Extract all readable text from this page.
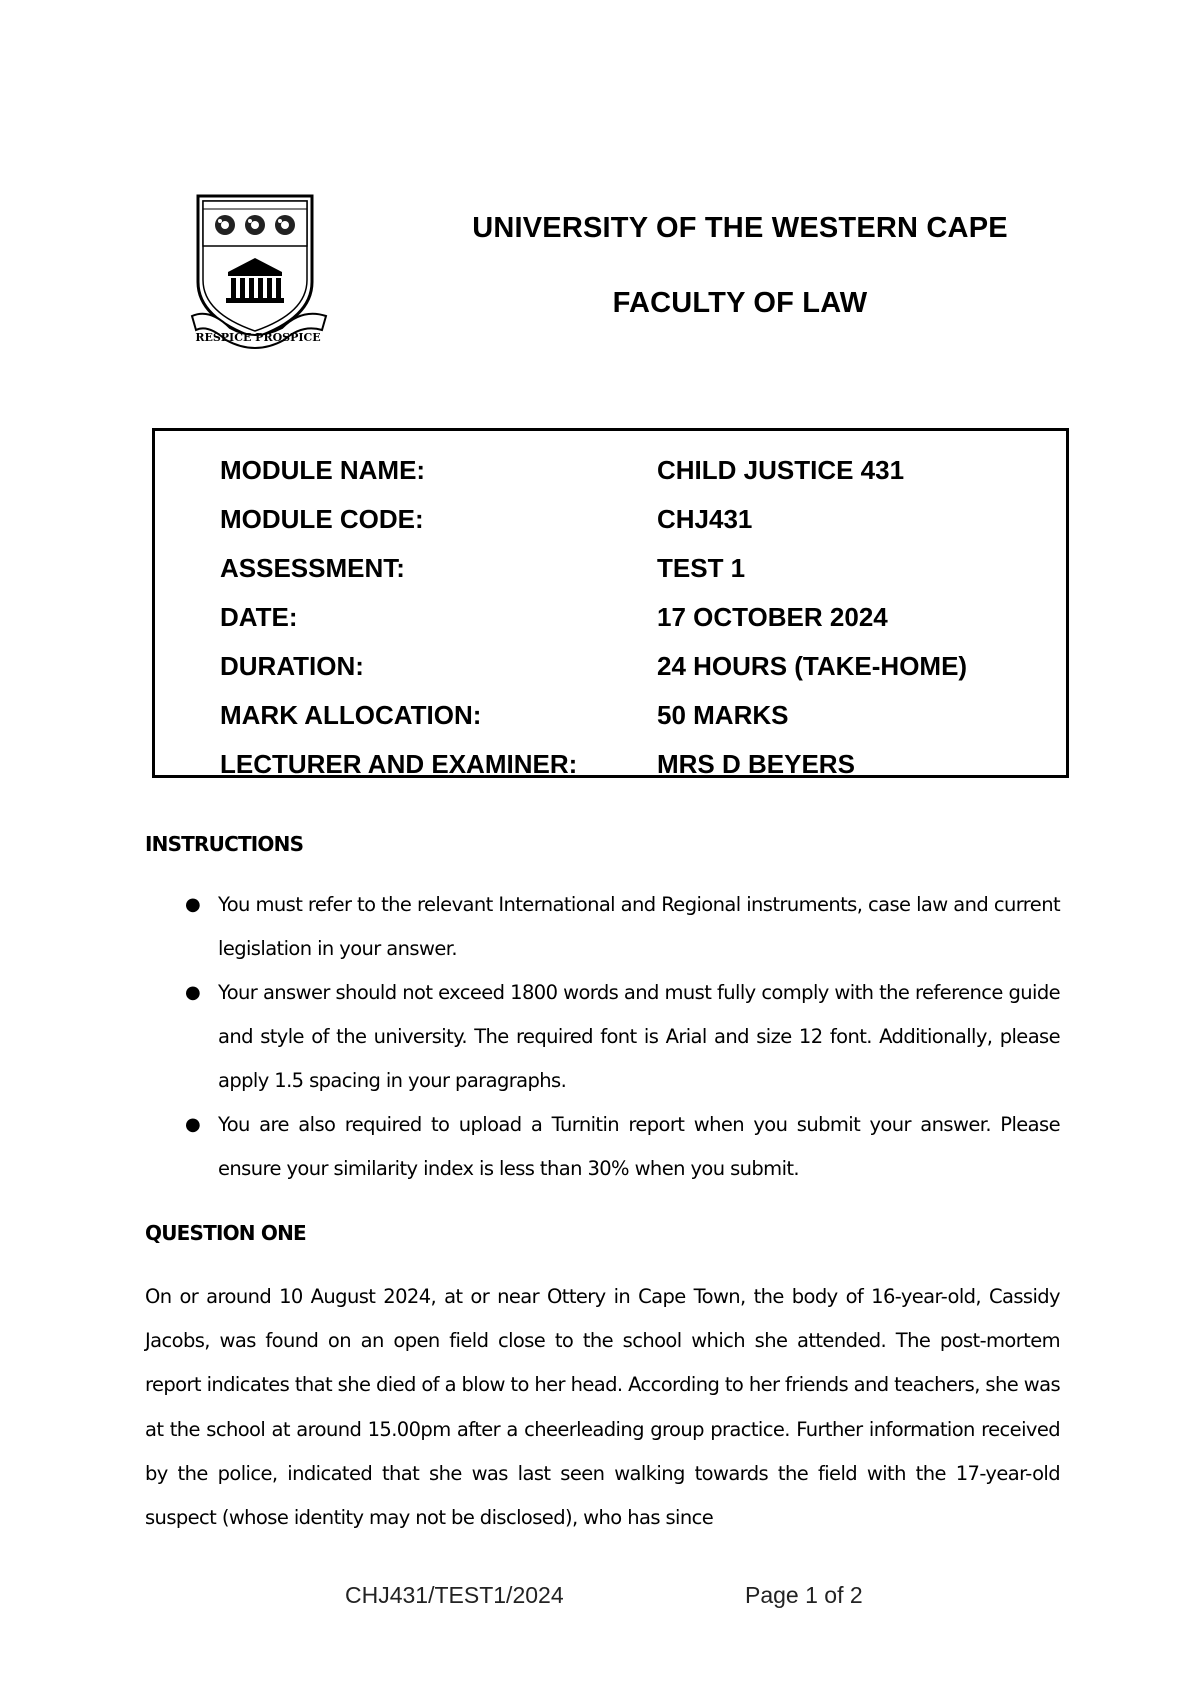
RESPICE PROSPICE
UNIVERSITY OF THE WESTERN CAPE
FACULTY OF LAW
MODULE NAME:	CHILD JUSTICE 431
MODULE CODE:	CHJ431
ASSESSMENT:	TEST 1
DATE:	17 OCTOBER 2024
DURATION:	24 HOURS (TAKE-HOME)
MARK ALLOCATION:	50 MARKS
LECTURER AND EXAMINER:	MRS D BEYERS
INSTRUCTIONS
● You must refer to the relevant International and Regional instruments, case law and current legislation in your answer.
● Your answer should not exceed 1800 words and must fully comply with the reference guide and style of the university. The required font is Arial and size 12 font. Additionally, please apply 1.5 spacing in your paragraphs.
● You are also required to upload a Turnitin report when you submit your answer. Please ensure your similarity index is less than 30% when you submit.
QUESTION ONE

On or around 10 August 2024, at or near Ottery in Cape Town, the body of 16-year-old, Cassidy Jacobs, was found on an open field close to the school which she attended. The post-mortem report indicates that she died of a blow to her head. According to her friends and teachers, she was at the school at around 15.00pm after a cheerleading group practice. Further information received by the police, indicated that she was last seen walking towards the field with the 17-year-old suspect (whose identity may not be disclosed), who has since

CHJ431/TEST1/2024	Page 1 of 2
